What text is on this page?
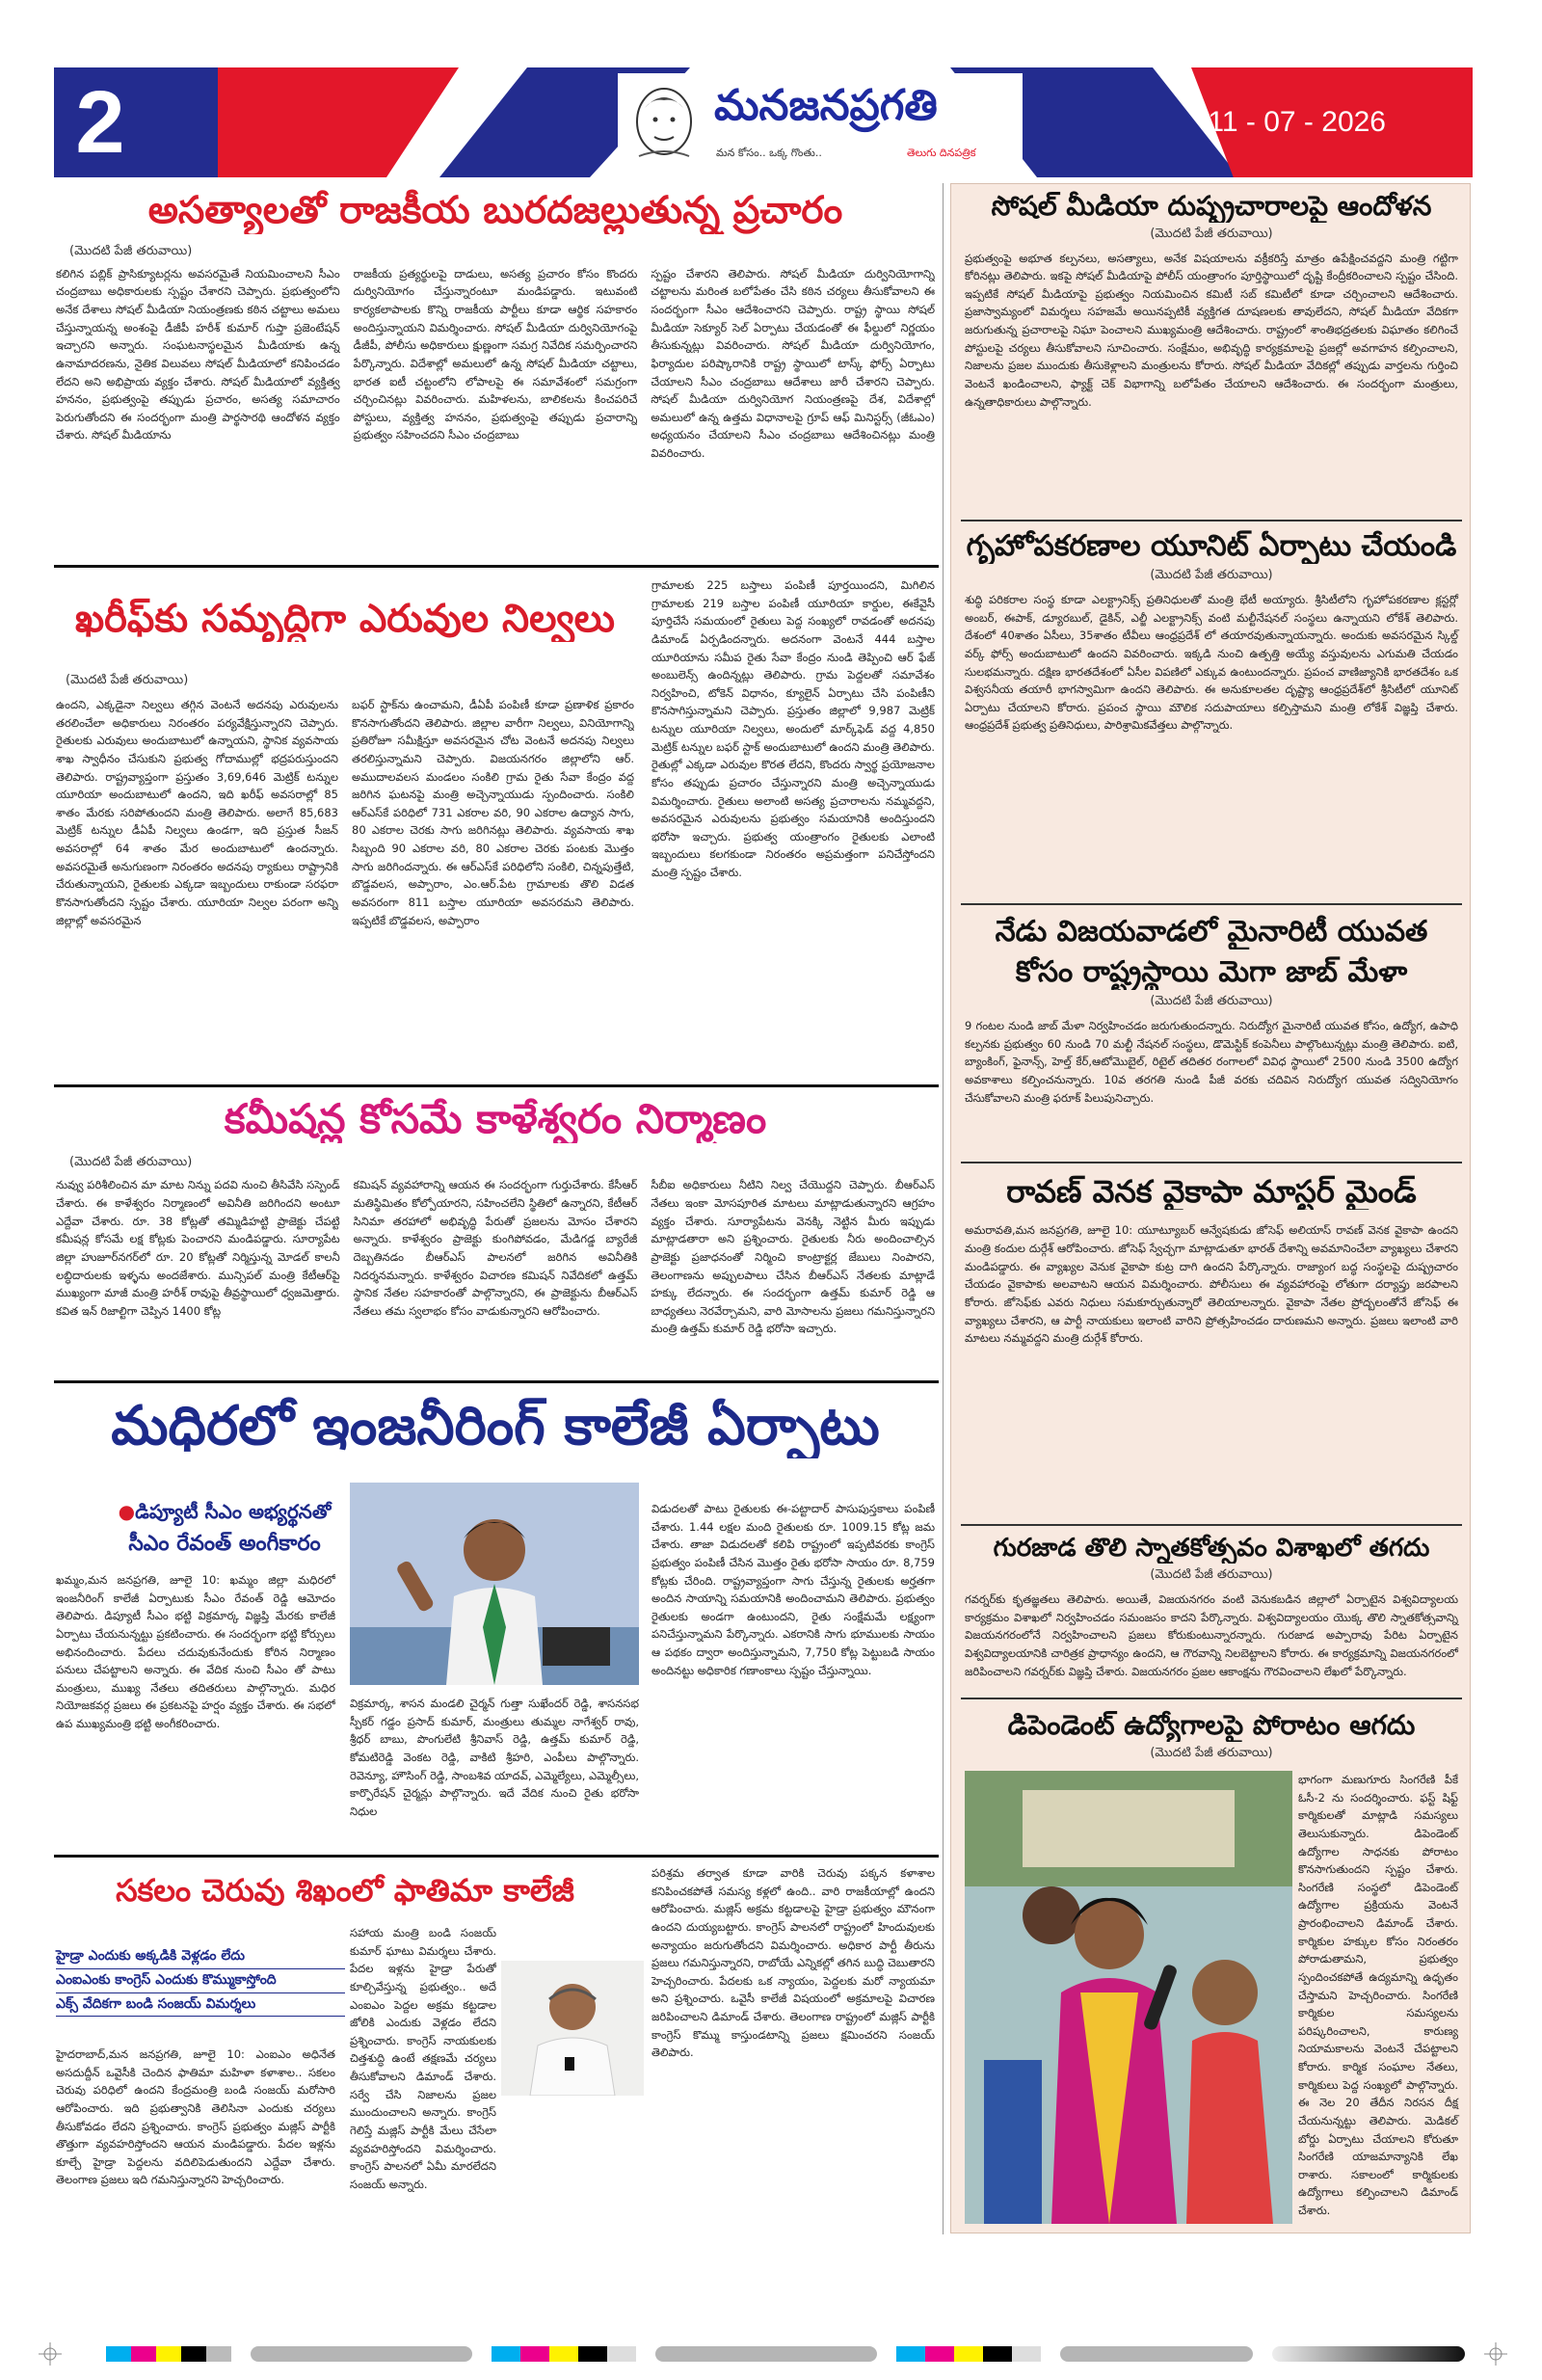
2	మనజనప్రగతి
మన కోసం.. ఒక్క గొంతు..	తెలుగు దినపత్రిక
11 - 07 - 2026
అసత్యాలతో రాజకీయ బురదజల్లుతున్న ప్రచారం
(మొదటి పేజీ తరువాయి)
కలిగిన పబ్లిక్ ప్రాసిక్యూటర్లను అవసరమైతే నియమించాలని సీఎం చంద్రబాబు అధికారులకు స్పష్టం చేశారని చెప్పారు. ప్రభుత్వంలోని అనేక దేశాలు సోషల్ మీడియా నియంత్రణకు కఠిన చట్టాలు అమలు చేస్తున్నాయన్న అంశంపై డీజీపీ హరీశ్ కుమార్ గుప్తా ప్రజెంటేషన్ ఇచ్చారని అన్నారు. సంఘటనాస్థలమైన మీడియాకు ఉన్న ఉనామాదరణను, నైతిక విలువలు సోషల్ మీడియాలో కనిపించడం లేదని అని అభిప్రాయ వ్యక్తం చేశారు. సోషల్ మీడియాలో వ్యక్తిత్వ హననం, ప్రభుత్వంపై తప్పుడు ప్రచారం, అసత్య సమాచారం పెరుగుతోందని ఈ సందర్భంగా మంత్రి పార్థసారథి ఆందోళన వ్యక్తం చేశారు. సోషల్ మీడియాను
రాజకీయ ప్రత్యర్థులపై దాడులు, అసత్య ప్రచారం కోసం కొందరు దుర్వినియోగం చేస్తున్నారంటూ మండిపడ్డారు. ఇటువంటి కార్యకలాపాలకు కొన్ని రాజకీయ పార్టీలు కూడా ఆర్థిక సహకారం అందిస్తున్నాయని విమర్శించారు. సోషల్ మీడియా దుర్వినియోగంపై డీజీపీ, పోలీసు అధికారులు క్షుణ్ణంగా సమగ్ర నివేదిక సమర్పించారని పేర్కొన్నారు. విదేశాల్లో అమలులో ఉన్న సోషల్ మీడియా చట్టాలు, భారత ఐటీ చట్టంలోని లోపాలపై ఈ సమావేశంలో సమగ్రంగా చర్చించినట్లు వివరించారు. మహిళలను, బాలికలను కించపరిచే పోస్టులు, వ్యక్తిత్వ హననం, ప్రభుత్వంపై తప్పుడు ప్రచారాన్ని ప్రభుత్వం సహించదని సీఎం చంద్రబాబు
స్పష్టం చేశారని తెలిపారు. సోషల్ మీడియా దుర్వినియోగాన్ని చట్టాలను మరింత బలోపేతం చేసి కఠిన చర్యలు తీసుకోవాలని ఈ సందర్భంగా సీఎం ఆదేశించారని చెప్పారు. రాష్ట్ర స్థాయి సోషల్ మీడియా సెక్యూర్ సెల్ ఏర్పాటు చేయడంతో ఈ ఫీల్డులో నిర్ణయం తీసుకున్నట్లు వివరించారు. సోషల్ మీడియా దుర్వినియోగం, ఫిర్యాదుల పరిష్కారానికి రాష్ట్ర స్థాయిలో టాస్క్ ఫోర్స్ ఏర్పాటు చేయాలని సీఎం చంద్రబాబు ఆదేశాలు జారీ చేశారని చెప్పారు. సోషల్ మీడియా దుర్వినియోగ నియంత్రణపై దేశ, విదేశాల్లో అమలులో ఉన్న ఉత్తమ విధానాలపై గ్రూప్ ఆఫ్ మినిస్టర్స్ (జీఓఎం) అధ్యయనం చేయాలని సీఎం చంద్రబాబు ఆదేశించినట్లు మంత్రి వివరించారు.
ఖరీఫ్‌కు సమృద్ధిగా ఎరువుల నిల్వలు
(మొదటి పేజీ తరువాయి)
ఉందని, ఎక్కడైనా నిల్వలు తగ్గిన వెంటనే అదనపు ఎరువులను తరలించేలా అధికారులు నిరంతరం పర్యవేక్షిస్తున్నారని చెప్పారు. రైతులకు ఎరువులు అందుబాటులో ఉన్నాయని, స్థానిక వ్యవసాయ శాఖ స్వాధీనం చేసుకుని ప్రభుత్వ గోదాముల్లో భద్రపరుస్తుందని తెలిపారు. రాష్ట్రవ్యాప్తంగా ప్రస్తుతం 3,69,646 మెట్రిక్ టన్నుల యూరియా అందుబాటులో ఉందని, ఇది ఖరీఫ్ అవసరాల్లో 85 శాతం మేరకు సరిపోతుందని మంత్రి తెలిపారు. అలాగే 85,683 మెట్రిక్ టన్నుల డీఏపీ నిల్వలు ఉండగా, ఇది ప్రస్తుత సీజన్ అవసరాల్లో 64 శాతం మేర అందుబాటులో ఉందన్నారు. అవసరమైతే అనుగుణంగా నిరంతరం అదనపు ర్యాకులు రాష్ట్రానికి చేరుతున్నాయని, రైతులకు ఎక్కడా ఇబ్బందులు రాకుండా సరఫరా కొనసాగుతోందని స్పష్టం చేశారు. యూరియా నిల్వల పరంగా అన్ని జిల్లాల్లో అవసరమైన
బఫర్ స్టాక్‌ను ఉంచామని, డీఏపీ పంపిణీ కూడా ప్రణాళిక ప్రకారం కొనసాగుతోందని తెలిపారు. జిల్లాల వారీగా నిల్వలు, వినియోగాన్ని ప్రతిరోజూ సమీక్షిస్తూ అవసరమైన చోట వెంటనే అదనపు నిల్వలు తరలిస్తున్నామని చెప్పారు. విజయనగరం జిల్లాలోని ఆర్. అముదాలవలస మండలం సంకిలి గ్రామ రైతు సేవా కేంద్రం వద్ద జరిగిన ఘటనపై మంత్రి అచ్చెన్నాయుడు స్పందించారు. సంకిలి ఆర్‌ఎస్‌కే పరిధిలో 731 ఎకరాల వరి, 90 ఎకరాల ఉద్యాన సాగు, 80 ఎకరాల చెరకు సాగు జరిగినట్లు తెలిపారు. వ్యవసాయ శాఖ సిబ్బంది 90 ఎకరాల వరి, 80 ఎకరాల చెరకు పంటకు మొత్తం సాగు జరిగిందన్నారు. ఈ ఆర్‌ఎస్‌కే పరిధిలోని సంకిలి, చిన్నపుత్తేటి, బొడ్డవలస, అప్పారాం, ఎం.ఆర్.పేట గ్రామాలకు తొలి విడత అవసరంగా 811 బస్తాల యూరియా అవసరమని తెలిపారు. ఇప్పటికే బొడ్డవలస, అప్పారాం
గ్రామాలకు 225 బస్తాలు పంపిణీ పూర్తయిందని, మిగిలిన గ్రామాలకు 219 బస్తాల పంపిణీ యూరియా కార్డుల, ఈకేవైసీ పూర్తిచేసే సమయంలో రైతులు పెద్ద సంఖ్యలో రావడంతో అదనపు డిమాండ్ ఏర్పడిందన్నారు. అదనంగా వెంటనే 444 బస్తాల యూరియాను సమీప రైతు సేవా కేంద్రం నుండి తెప్పించి ఆర్ ఫేజ్ అంబులెన్స్ ఉందిన్నట్లు తెలిపారు. గ్రామ పెద్దలతో సమావేశం నిర్వహించి, టోకెన్ విధానం, క్యూలైన్ ఏర్పాటు చేసి పంపిణీని కొనసాగిస్తున్నామని చెప్పారు. ప్రస్తుతం జిల్లాలో 9,987 మెట్రిక్ టన్నుల యూరియా నిల్వలు, అందులో మార్క్‌ఫెడ్ వద్ద 4,850 మెట్రిక్ టన్నుల బఫర్ స్టాక్ అందుబాటులో ఉందని మంత్రి తెలిపారు. రైతుల్లో ఎక్కడా ఎరువుల కొరత లేదని, కొందరు స్వార్థ ప్రయోజనాల కోసం తప్పుడు ప్రచారం చేస్తున్నారని మంత్రి అచ్చెన్నాయుడు విమర్శించారు. రైతులు అలాంటి అసత్య ప్రచారాలను నమ్మవద్దని, అవసరమైన ఎరువులను ప్రభుత్వం సమయానికి అందిస్తుందని భరోసా ఇచ్చారు. ప్రభుత్వ యంత్రాంగం రైతులకు ఎలాంటి ఇబ్బందులు కలగకుండా నిరంతరం అప్రమత్తంగా పనిచేస్తోందని మంత్రి స్పష్టం చేశారు.
కమీషన్ల కోసమే కాళేశ్వరం నిర్మాణం
(మొదటి పేజీ తరువాయి)
నువ్వు పరిశీలించిన మా మాట నిన్ను పదవి నుంచి తీసివేసి సస్పెండ్ చేశారు. ఈ కాళేశ్వరం నిర్మాణంలో అవినీతి జరిగిందని అంటూ ఎద్దేవా చేశారు. రూ. 38 కోట్లతో తమ్మిడిహట్టి ప్రాజెక్టు చేపట్టి కమీషన్ల కోసమే లక్ష కోట్లకు పెంచారని మండిపడ్డారు. సూర్యాపేట జిల్లా హుజూర్‌నగర్‌లో రూ. 20 కోట్లతో నిర్మిస్తున్న మోడల్ కాలనీ లబ్ధిదారులకు ఇళ్ళను అందజేశారు. మున్సిపల్ మంత్రి కేటీఆర్‌పై ముఖ్యంగా మాజీ మంత్రి హరీశ్ రావుపై తీవ్రస్థాయిలో ధ్వజమెత్తారు. కవిత ఇన్ రిజాల్టిగా చెప్పిన 1400 కోట్ల
కమిషన్ వ్యవహారాన్ని ఆయన ఈ సందర్భంగా గుర్తుచేశారు. కేసీఆర్ మతిస్థిమితం కోల్పోయారని, సహించలేని స్థితిలో ఉన్నారని, కేటీఆర్ సినిమా తరహాలో అభివృద్ధి పేరుతో ప్రజలను మోసం చేశారని అన్నారు. కాళేశ్వరం ప్రాజెక్టు కుంగిపోవడం, మేడిగడ్డ బ్యారేజీ దెబ్బతినడం బీఆర్ఎస్ పాలనలో జరిగిన అవినీతికి నిదర్శనమన్నారు. కాళేశ్వరం విచారణ కమిషన్ నివేదికలో ఉత్తమ్ స్థానిక నేతల సహకారంతో పాల్గొన్నారని, ఈ ప్రాజెక్టును బీఆర్ఎస్ నేతలు తమ స్వలాభం కోసం వాడుకున్నారని ఆరోపించారు.
సీబీఐ అధికారులు నీటిని నిల్వ చేయొద్దని చెప్పారు. బీఆర్ఎస్ నేతలు ఇంకా మోసపూరిత మాటలు మాట్లాడుతున్నారని ఆగ్రహం వ్యక్తం చేశారు. సూర్యాపేటను వెనక్కి నెట్టిన మీరు ఇప్పుడు మాట్లాడతారా అని ప్రశ్నించారు. రైతులకు నీరు అందించాల్సిన ప్రాజెక్టు ప్రజాధనంతో నిర్మించి కాంట్రాక్టర్ల జేబులు నింపారని, తెలంగాణను అప్పులపాలు చేసిన బీఆర్ఎస్ నేతలకు మాట్లాడే హక్కు లేదన్నారు. ఈ సందర్భంగా ఉత్తమ్ కుమార్ రెడ్డి ఆ బాధ్యతలు నెరవేర్చామని, వారి మోసాలను ప్రజలు గమనిస్తున్నారని మంత్రి ఉత్తమ్ కుమార్ రెడ్డి భరోసా ఇచ్చారు.
మధిరలో ఇంజనీరింగ్ కాలేజీ ఏర్పాటు
●డిప్యూటీ సీఎం అభ్యర్థనతో
సీఎం రేవంత్ అంగీకారం
ఖమ్మం,మన జనప్రగతి, జూలై 10: ఖమ్మం జిల్లా మధిరలో ఇంజనీరింగ్ కాలేజీ ఏర్పాటుకు సీఎం రేవంత్ రెడ్డి ఆమోదం తెలిపారు. డిప్యూటీ సీఎం భట్టి విక్రమార్క విజ్ఞప్తి మేరకు కాలేజీ ఏర్పాటు చేయనున్నట్టు ప్రకటించారు. ఈ సందర్భంగా భట్టి కోర్సులు అభినందించారు. పేదలు చదువుకునేందుకు కోరిన నిర్మాణం పనులు చేపట్టాలని అన్నారు. ఈ వేదిక నుంచి సీఎం తో పాటు మంత్రులు, ముఖ్య నేతలు తదితరులు పాల్గొన్నారు. మధిర నియోజకవర్గ ప్రజలు ఈ ప్రకటనపై హర్షం వ్యక్తం చేశారు. ఈ సభలో ఉప ముఖ్యమంత్రి భట్టి అంగీకరించారు.
విక్రమార్క, శాసన మండలి చైర్మన్ గుత్తా సుఖేందర్ రెడ్డి, శాసనసభ స్పీకర్ గడ్డం ప్రసాద్ కుమార్, మంత్రులు తుమ్మల నాగేశ్వర్ రావు, శ్రీధర్ బాబు, పొంగులేటి శ్రీనివాస్ రెడ్డి, ఉత్తమ్ కుమార్ రెడ్డి, కోమటిరెడ్డి వెంకట రెడ్డి, వాకిటి శ్రీహరి, ఎంపీలు పాల్గొన్నారు. రెవెన్యూ, హౌసింగ్ రెడ్డి, సాంబశివ యాదవ్, ఎమ్మెల్యేలు, ఎమ్మెల్సీలు, కార్పొరేషన్ చైర్మన్లు పాల్గొన్నారు. ఇదే వేదిక నుంచి రైతు భరోసా నిధుల
విడుదలతో పాటు రైతులకు ఈ-పట్టాదార్ పాసుపుస్తకాలు పంపిణీ చేశారు. 1.44 లక్షల మంది రైతులకు రూ. 1009.15 కోట్ల జమ చేశారు. తాజా విడుదలతో కలిపి రాష్ట్రంలో ఇప్పటివరకు కాంగ్రెస్ ప్రభుత్వం పంపిణీ చేసిన మొత్తం రైతు భరోసా సాయం రూ. 8,759 కోట్లకు చేరింది. రాష్ట్రవ్యాప్తంగా సాగు చేస్తున్న రైతులకు అర్హతగా అందిన సాయాన్ని సమయానికి అందించామని తెలిపారు. ప్రభుత్వం రైతులకు అండగా ఉంటుందని, రైతు సంక్షేమమే లక్ష్యంగా పనిచేస్తున్నామని పేర్కొన్నారు. ఎకరానికి సాగు భూములకు సాయం ఆ పథకం ద్వారా అందిస్తున్నామని, 7,750 కోట్ల పెట్టుబడి సాయం అందినట్టు అధికారిక గణాంకాలు స్పష్టం చేస్తున్నాయి.
సకలం చెరువు శిఖంలో ఫాతిమా కాలేజీ
హైడ్రా ఎందుకు అక్కడికి వెళ్లడం లేదు
ఎంఐఎంకు కాంగ్రెస్ ఎందుకు కొమ్ముకాస్తోంది
ఎక్స్ వేదికగా బండి సంజయ్ విమర్శలు
హైదరాబాద్,మన జనప్రగతి, జూలై 10: ఎంఐఎం అధినేత అసదుద్దీన్ ఒవైసీకి చెందిన ఫాతిమా మహిళా కళాశాల.. సకలం చెరువు పరిధిలో ఉందని కేంద్రమంత్రి బండి సంజయ్ మరోసారి ఆరోపించారు. ఇది ప్రభుత్వానికి తెలిసినా ఎందుకు చర్యలు తీసుకోవడం లేదని ప్రశ్నించారు. కాంగ్రెస్ ప్రభుత్వం మజ్లిస్ పార్టీకి తొత్తుగా వ్యవహరిస్తోందని ఆయన మండిపడ్డారు. పేదల ఇళ్లను కూల్చే హైడ్రా పెద్దలను వదిలిపెడుతుందని ఎద్దేవా చేశారు. తెలంగాణ ప్రజలు ఇది గమనిస్తున్నారని హెచ్చరించారు.
సహాయ మంత్రి బండి సంజయ్ కుమార్ ఘాటు విమర్శలు చేశారు. పేదల ఇళ్లను హైడ్రా పేరుతో కూల్చివేస్తున్న ప్రభుత్వం.. అదే ఎంఐఎం పెద్దల అక్రమ కట్టడాల జోలికి ఎందుకు వెళ్లడం లేదని ప్రశ్నించారు. కాంగ్రెస్ నాయకులకు చిత్తశుద్ధి ఉంటే తక్షణమే చర్యలు తీసుకోవాలని డిమాండ్ చేశారు. సర్వే చేసి నిజాలను ప్రజల ముందుంచాలని అన్నారు. కాంగ్రెస్ గెలిస్తే మజ్లిస్ పార్టీకి మేలు చేసేలా వ్యవహరిస్తోందని విమర్శించారు. కాంగ్రెస్ పాలనలో ఏమీ మారలేదని సంజయ్ అన్నారు.
పరిశ్రమ తర్వాత కూడా వారికి చెరువు పక్కన కళాశాల కనిపించకపోతే సమస్య కళ్లలో ఉంది.. వారి రాజకీయాల్లో ఉందని ఆరోపించారు. మజ్లిస్ అక్రమ కట్టడాలపై హైడ్రా ప్రభుత్వం మౌనంగా ఉందని దుయ్యబట్టారు. కాంగ్రెస్ పాలనలో రాష్ట్రంలో హిందువులకు అన్యాయం జరుగుతోందని విమర్శించారు. అధికార పార్టీ తీరును ప్రజలు గమనిస్తున్నారని, రాబోయే ఎన్నికల్లో తగిన బుద్ధి చెబుతారని హెచ్చరించారు. పేదలకు ఒక న్యాయం, పెద్దలకు మరో న్యాయమా అని ప్రశ్నించారు. ఒవైసీ కాలేజీ విషయంలో అక్రమాలపై విచారణ జరిపించాలని డిమాండ్ చేశారు. తెలంగాణ రాష్ట్రంలో మజ్లిస్ పార్టీకి కాంగ్రెస్ కొమ్ము కాస్తుండటాన్ని ప్రజలు క్షమించరని సంజయ్ తెలిపారు.
సోషల్ మీడియా దుష్ప్రచారాలపై ఆందోళన
(మొదటి పేజీ తరువాయి)
ప్రభుత్వంపై అభూత కల్పనలు, అసత్యాలు, అనేక విషయాలను వక్రీకరిస్తే మాత్రం ఉపేక్షించవద్దని మంత్రి గట్టిగా కోరినట్లు తెలిపారు. ఇకపై సోషల్ మీడియాపై పోలీస్ యంత్రాంగం పూర్తిస్థాయిలో దృష్టి కేంద్రీకరించాలని స్పష్టం చేసింది. ఇప్పటికే సోషల్ మీడియాపై ప్రభుత్వం నియమించిన కమిటీ సబ్ కమిటీలో కూడా చర్చించాలని ఆదేశించారు. ప్రజాస్వామ్యంలో విమర్శలు సహజమే అయినప్పటికీ వ్యక్తిగత దూషణలకు తావులేదని, సోషల్ మీడియా వేదికగా జరుగుతున్న ప్రచారాలపై నిఘా పెంచాలని ముఖ్యమంత్రి ఆదేశించారు. రాష్ట్రంలో శాంతిభద్రతలకు విఘాతం కలిగించే పోస్టులపై చర్యలు తీసుకోవాలని సూచించారు. సంక్షేమం, అభివృద్ధి కార్యక్రమాలపై ప్రజల్లో అవగాహన కల్పించాలని, నిజాలను ప్రజల ముందుకు తీసుకెళ్లాలని మంత్రులను కోరారు. సోషల్ మీడియా వేదికల్లో తప్పుడు వార్తలను గుర్తించి వెంటనే ఖండించాలని, ఫ్యాక్ట్ చెక్ విభాగాన్ని బలోపేతం చేయాలని ఆదేశించారు. ఈ సందర్భంగా మంత్రులు, ఉన్నతాధికారులు పాల్గొన్నారు.
గృహోపకరణాల యూనిట్ ఏర్పాటు చేయండి
(మొదటి పేజీ తరువాయి)
శుద్ధి పరికరాల సంస్థ కూడా ఎలక్ట్రానిక్స్ ప్రతినిధులతో మంత్రి భేటీ అయ్యారు. శ్రీసిటీలోని గృహోపకరణాల క్లస్టర్లో అంబర్, ఈపాక్, డ్యూరబుల్, డైకిన్, ఎల్జీ ఎలక్ట్రానిక్స్ వంటి మల్టీనేషనల్ సంస్థలు ఉన్నాయని లోకేశ్ తెలిపారు. దేశంలో 40శాతం ఏసీలు, 35శాతం టీవీలు ఆంధ్రప్రదేశ్ లో తయారవుతున్నాయన్నారు. అందుకు అవసరమైన స్కిల్డ్ వర్క్ ఫోర్స్ అందుబాటులో ఉందని వివరించారు. ఇక్కడి నుంచి ఉత్పత్తి అయ్యే వస్తువులను ఎగుమతి చేయడం సులభమన్నారు. దక్షిణ భారతదేశంలో ఏసీల విపణిలో ఎక్కువ ఉంటుందన్నారు. ప్రపంచ వాణిజ్యానికి భారతదేశం ఒక విశ్వసనీయ తయారీ భాగస్వామిగా ఉందని తెలిపారు. ఈ అనుకూలతల దృష్ట్యా ఆంధ్రప్రదేశ్‌లో శ్రీసిటీలో యూనిట్ ఏర్పాటు చేయాలని కోరారు. ప్రపంచ స్థాయి మౌలిక సదుపాయాలు కల్పిస్తామని మంత్రి లోకేశ్ విజ్ఞప్తి చేశారు. ఆంధ్రప్రదేశ్ ప్రభుత్వ ప్రతినిధులు, పారిశ్రామికవేత్తలు పాల్గొన్నారు.
నేడు విజయవాడలో మైనారిటీ యువత
కోసం రాష్ట్రస్థాయి మెగా జాబ్ మేళా
(మొదటి పేజీ తరువాయి)
9 గంటల నుండి జాబ్ మేళా నిర్వహించడం జరుగుతుందన్నారు. నిరుద్యోగ మైనారిటీ యువత కోసం, ఉద్యోగ, ఉపాధి కల్పనకు ప్రభుత్వం 60 నుండి 70 మల్టీ నేషనల్ సంస్థలు, డొమెస్టిక్ కంపెనీలు పాల్గొంటున్నట్లు మంత్రి తెలిపారు. ఐటి, బ్యాంకింగ్, ఫైనాన్స్, హెల్త్ కేర్,ఆటోమొబైల్, రిటైల్ తదితర రంగాలలో వివిధ స్థాయిలో 2500 నుండి 3500 ఉద్యోగ అవకాశాలు కల్పించనున్నారు. 10వ తరగతి నుండి పీజీ వరకు చదివిన నిరుద్యోగ యువత సద్వినియోగం చేసుకోవాలని మంత్రి ఫరూక్ పిలుపునిచ్చారు.
రావణ్ వెనక వైకాపా మాస్టర్ మైండ్
అమరావతి,మన జనప్రగతి, జూలై 10: యూట్యూబర్ ఆన్వేషకుడు జోసెఫ్ అలియాస్ రావణ్ వెనక వైకాపా ఉందని మంత్రి కందుల దుర్గేశ్ ఆరోపించారు. జోసెఫ్ స్వేచ్ఛగా మాట్లాడుతూ భారత్ దేశాన్ని అవమానించేలా వ్యాఖ్యలు చేశారని మండిపడ్డారు. ఈ వ్యాఖ్యల వెనుక వైకాపా కుట్ర దాగి ఉందని పేర్కొన్నారు. రాజ్యాంగ బద్ధ సంస్థలపై దుష్ప్రచారం చేయడం వైకాపాకు అలవాటని ఆయన విమర్శించారు. పోలీసులు ఈ వ్యవహారంపై లోతుగా దర్యాప్తు జరపాలని కోరారు. జోసెఫ్‌కు ఎవరు నిధులు సమకూర్చుతున్నారో తెలియాలన్నారు. వైకాపా నేతల ప్రోద్బలంతోనే జోసెఫ్ ఈ వ్యాఖ్యలు చేశారని, ఆ పార్టీ నాయకులు ఇలాంటి వారిని ప్రోత్సహించడం దారుణమని అన్నారు. ప్రజలు ఇలాంటి వారి మాటలు నమ్మవద్దని మంత్రి దుర్గేశ్ కోరారు.
గురజాడ తొలి స్నాతకోత్సవం విశాఖలో తగదు
(మొదటి పేజీ తరువాయి)
గవర్నర్‌కు కృతజ్ఞతలు తెలిపారు. అయితే, విజయనగరం వంటి వెనుకబడిన జిల్లాలో ఏర్పాటైన విశ్వవిద్యాలయ కార్యక్రమం విశాఖలో నిర్వహించడం సమంజసం కాదని పేర్కొన్నారు. విశ్వవిద్యాలయం యొక్క తొలి స్నాతకోత్సవాన్ని విజయనగరంలోనే నిర్వహించాలని ప్రజలు కోరుకుంటున్నారన్నారు. గురజాడ అప్పారావు పేరిట ఏర్పాటైన విశ్వవిద్యాలయానికి చారిత్రక ప్రాధాన్యం ఉందని, ఆ గౌరవాన్ని నిలబెట్టాలని కోరారు. ఈ కార్యక్రమాన్ని విజయనగరంలో జరిపించాలని గవర్నర్‌కు విజ్ఞప్తి చేశారు. విజయనగరం ప్రజల ఆకాంక్షను గౌరవించాలని లేఖలో పేర్కొన్నారు.
డిపెండెంట్ ఉద్యోగాలపై పోరాటం ఆగదు
(మొదటి పేజీ తరువాయి)
భాగంగా మణుగూరు సింగరేణి పీకే ఓసీ-2 ను సందర్శించారు. ఫస్ట్ షిఫ్ట్ కార్మికులతో మాట్లాడి సమస్యలు తెలుసుకున్నారు. డిపెండెంట్ ఉద్యోగాల సాధనకు పోరాటం కొనసాగుతుందని స్పష్టం చేశారు. సింగరేణి సంస్థలో డిపెండెంట్ ఉద్యోగాల ప్రక్రియను వెంటనే ప్రారంభించాలని డిమాండ్ చేశారు. కార్మికుల హక్కుల కోసం నిరంతరం పోరాడుతామని, ప్రభుత్వం స్పందించకపోతే ఉద్యమాన్ని ఉధృతం చేస్తామని హెచ్చరించారు. సింగరేణి కార్మికుల సమస్యలను పరిష్కరించాలని, కారుణ్య నియామకాలను వెంటనే చేపట్టాలని కోరారు. కార్మిక సంఘాల నేతలు, కార్మికులు పెద్ద సంఖ్యలో పాల్గొన్నారు. ఈ నెల 20 తేదీన నిరసన దీక్ష చేయనున్నట్టు తెలిపారు. మెడికల్ బోర్డు ఏర్పాటు చేయాలని కోరుతూ సింగరేణి యాజమాన్యానికి లేఖ రాశారు. సకాలంలో కార్మికులకు ఉద్యోగాలు కల్పించాలని డిమాండ్ చేశారు.
